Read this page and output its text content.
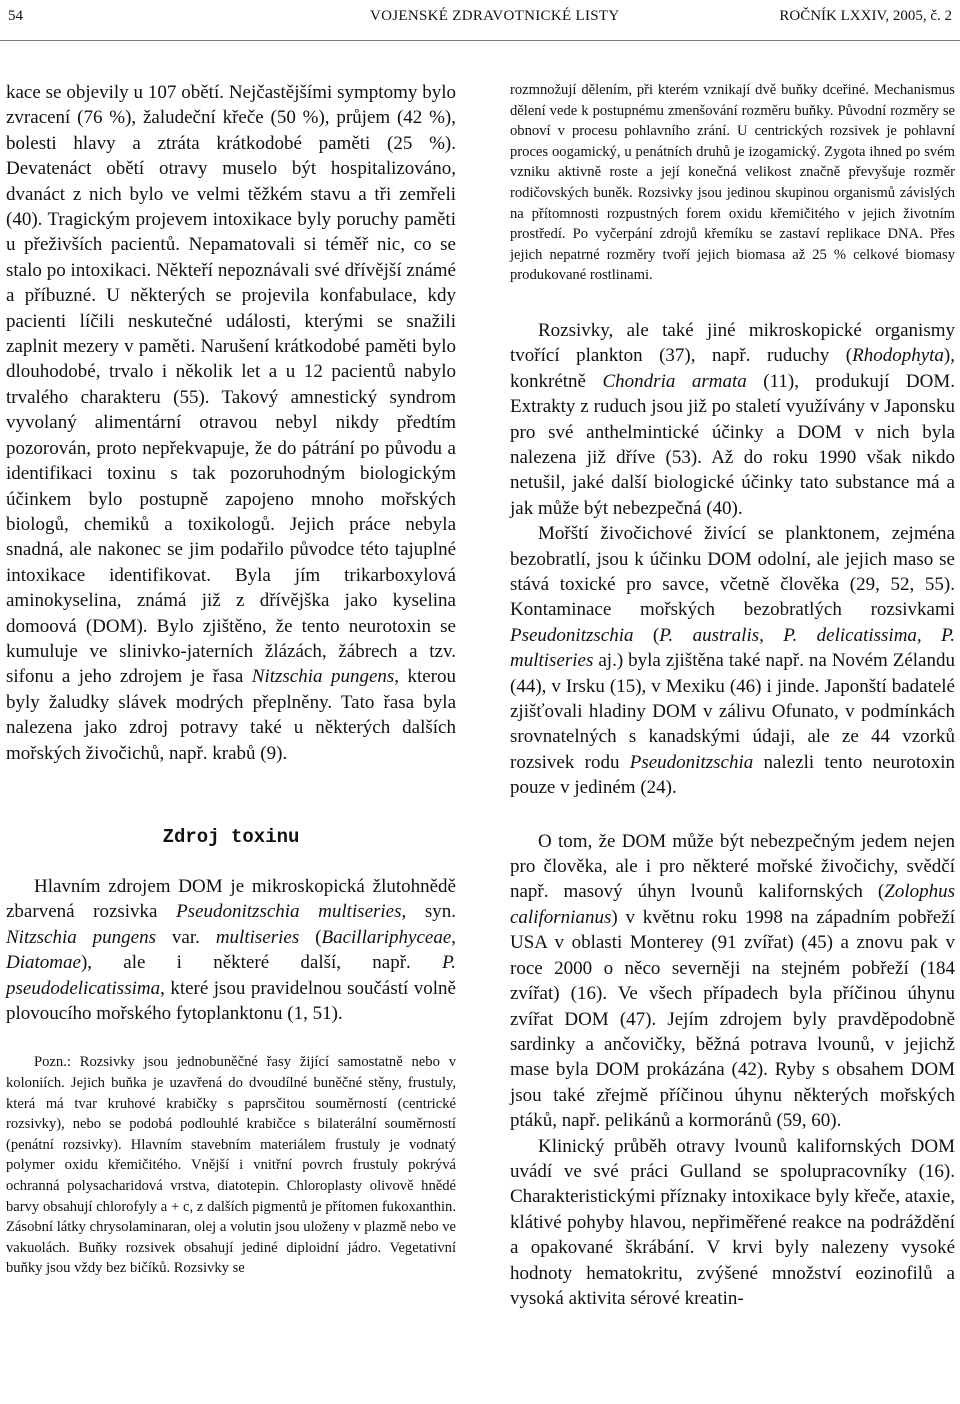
54	VOJENSKÉ ZDRAVOTNICKÉ LISTY	ROČNÍK LXXIV, 2005, č. 2

kace se objevily u 107 obětí. Nejčastějšími symptomy bylo zvracení (76 %), žaludeční křeče (50 %), průjem (42 %), bolesti hlavy a ztráta krátkodobé paměti (25 %). Devatenáct obětí otravy muselo být hospitalizováno, dvanáct z nich bylo ve velmi těžkém stavu a tři zemřeli (40). Tragickým projevem intoxikace byly poruchy paměti u přeživších pacientů. Nepamatovali si téměř nic, co se stalo po intoxikaci. Někteří nepoznávali své dřívější známé a příbuzné. U některých se projevila konfabulace, kdy pacienti líčili neskutečné události, kterými se snažili zaplnit mezery v paměti. Narušení krátkodobé paměti bylo dlouhodobé, trvalo i několik let a u 12 pacientů nabylo trvalého charakteru (55). Takový amnestický syndrom vyvolaný alimentární otravou nebyl nikdy předtím pozorován, proto nepřekvapuje, že do pátrání po původu a identifikaci toxinu s tak pozoruhodným biologickým účinkem bylo postupně zapojeno mnoho mořských biologů, chemiků a toxikologů. Jejich práce nebyla snadná, ale nakonec se jim podařilo původce této tajuplné intoxikace identifikovat. Byla jím trikarboxylová aminokyselina, známá již z dřívějška jako kyselina domoová (DOM). Bylo zjištěno, že tento neurotoxin se kumuluje ve slinivko-jaterních žlázách, žábrech a tzv. sifonu a jeho zdrojem je řasa Nitzschia pungens, kterou byly žaludky slávek modrých přeplněny. Tato řasa byla nalezena jako zdroj potravy také u některých dalších mořských živočichů, např. krabů (9).

Zdroj toxinu

Hlavním zdrojem DOM je mikroskopická žlutohnědě zbarvená rozsivka Pseudonitzschia multiseries, syn. Nitzschia pungens var. multiseries (Bacillariphyceae, Diatomae), ale i některé další, např. P. pseudodelicatissima, které jsou pravidelnou součástí volně plovoucího mořského fytoplanktonu (1, 51).

Pozn.: Rozsivky jsou jednobuněčné řasy žijící samostatně nebo v koloniích. Jejich buňka je uzavřená do dvoudílné buněčné stěny, frustuly, která má tvar kruhové krabičky s paprsčitou souměrností (centrické rozsivky), nebo se podobá podlouhlé krabičce s bilaterální souměrností (penátní rozsivky). Hlavním stavebním materiálem frustuly je vodnatý polymer oxidu křemičitého. Vnější i vnitřní povrch frustuly pokrývá ochranná polysacharidová vrstva, diatotepin. Chloroplasty olivově hnědé barvy obsahují chlorofyly a + c, z dalších pigmentů je přítomen fukoxanthin. Zásobní látky chrysolaminaran, olej a volutin jsou uloženy v plazmě nebo ve vakuolách. Buňky rozsivek obsahují jediné diploidní jádro. Vegetativní buňky jsou vždy bez bičíků. Rozsivky se

rozmnožují dělením, při kterém vznikají dvě buňky dceřiné. Mechanismus dělení vede k postupnému zmenšování rozměru buňky. Původní rozměry se obnoví v procesu pohlavního zrání. U centrických rozsivek je pohlavní proces oogamický, u penátních druhů je izogamický. Zygota ihned po svém vzniku aktivně roste a její konečná velikost značně převyšuje rozměr rodičovských buněk. Rozsivky jsou jedinou skupinou organismů závislých na přítomnosti rozpustných forem oxidu křemičitého v jejich životním prostředí. Po vyčerpání zdrojů křemíku se zastaví replikace DNA. Přes jejich nepatrné rozměry tvoří jejich biomasa až 25 % celkové biomasy produkované rostlinami.

Rozsivky, ale také jiné mikroskopické organismy tvořící plankton (37), např. ruduchy (Rhodophyta), konkrétně Chondria armata (11), produkují DOM. Extrakty z ruduch jsou již po staletí využívány v Japonsku pro své anthelmintické účinky a DOM v nich byla nalezena již dříve (53). Až do roku 1990 však nikdo netušil, jaké další biologické účinky tato substance má a jak může být nebezpečná (40).

Mořští živočichové živící se planktonem, zejména bezobratlí, jsou k účinku DOM odolní, ale jejich maso se stává toxické pro savce, včetně člověka (29, 52, 55). Kontaminace mořských bezobratlých rozsivkami Pseudonitzschia (P. australis, P. delicatissima, P. multiseries aj.) byla zjištěna také např. na Novém Zélandu (44), v Irsku (15), v Mexiku (46) i jinde. Japonští badatelé zjišťovali hladiny DOM v zálivu Ofunato, v podmínkách srovnatelných s kanadskými údaji, ale ze 44 vzorků rozsivek rodu Pseudonitzschia nalezli tento neurotoxin pouze v jediném (24).

O tom, že DOM může být nebezpečným jedem nejen pro člověka, ale i pro některé mořské živočichy, svědčí např. masový úhyn lvounů kalifornských (Zolophus californianus) v květnu roku 1998 na západním pobřeží USA v oblasti Monterey (91 zvířat) (45) a znovu pak v roce 2000 o něco severněji na stejném pobřeží (184 zvířat) (16). Ve všech případech byla příčinou úhynu zvířat DOM (47). Jejím zdrojem byly pravděpodobně sardinky a ančovičky, běžná potrava lvounů, v jejichž mase byla DOM prokázána (42). Ryby s obsahem DOM jsou také zřejmě příčinou úhynu některých mořských ptáků, např. pelikánů a kormoránů (59, 60).

Klinický průběh otravy lvounů kalifornských DOM uvádí ve své práci Gulland se spolupracovníky (16). Charakteristickými příznaky intoxikace byly křeče, ataxie, klátivé pohyby hlavou, nepřiměřené reakce na podráždění a opakované škrábání. V krvi byly nalezeny vysoké hodnoty hematokritu, zvýšené množství eozinofilů a vysoká aktivita sérové kreatin-
